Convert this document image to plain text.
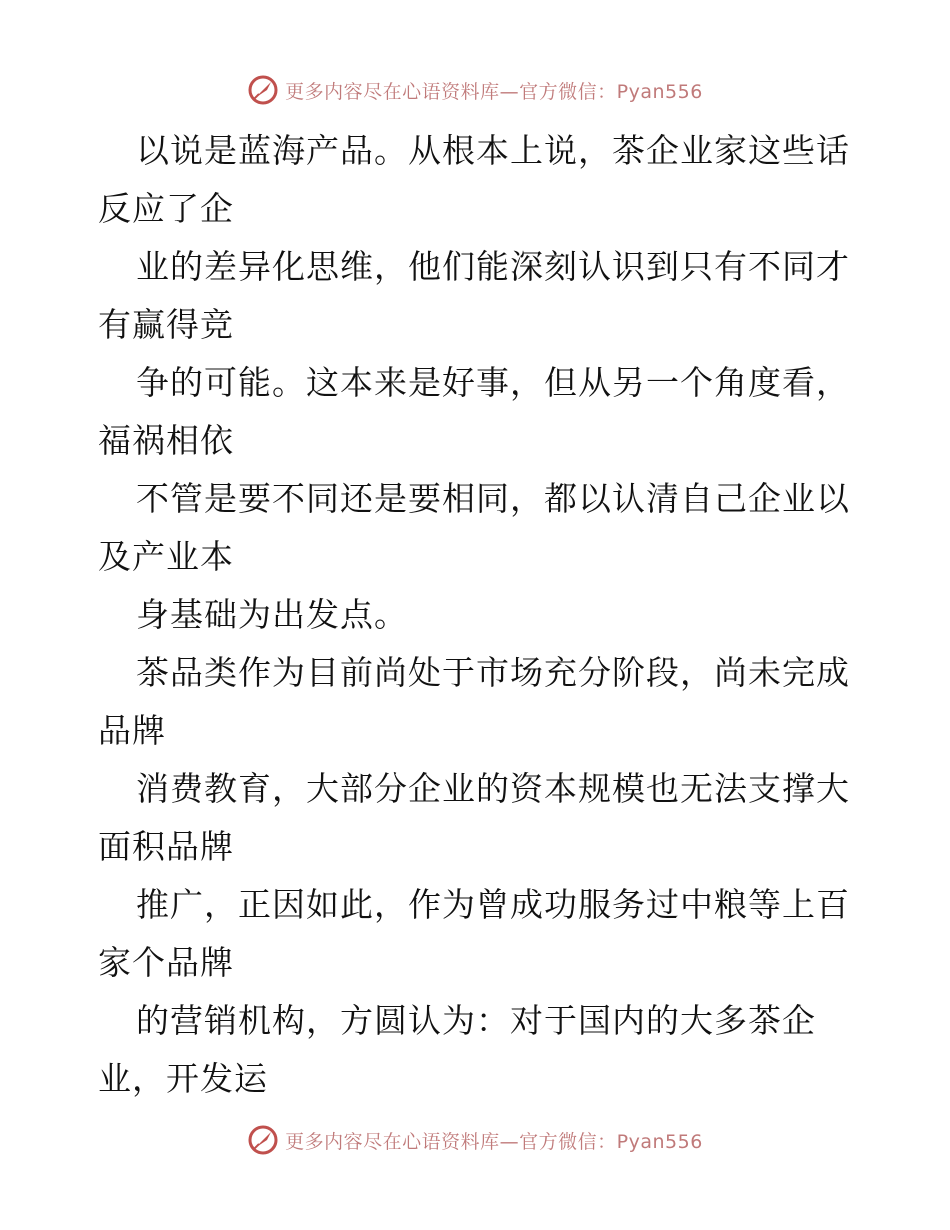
更多内容尽在心语资料库—官方微信：Pyan556

以说是蓝海产品。从根本上说，茶企业家这些话
反应了企

业的差异化思维，他们能深刻认识到只有不同才
有赢得竞

争的可能。这本来是好事，但从另一个角度看，
福祸相依

不管是要不同还是要相同，都以认清自己企业以
及产业本

身基础为出发点。

茶品类作为目前尚处于市场充分阶段，尚未完成
品牌

消费教育，大部分企业的资本规模也无法支撑大
面积品牌

推广，正因如此，作为曾成功服务过中粮等上百
家个品牌

的营销机构，方圆认为：对于国内的大多茶企
业，开发运

更多内容尽在心语资料库—官方微信：Pyan556
